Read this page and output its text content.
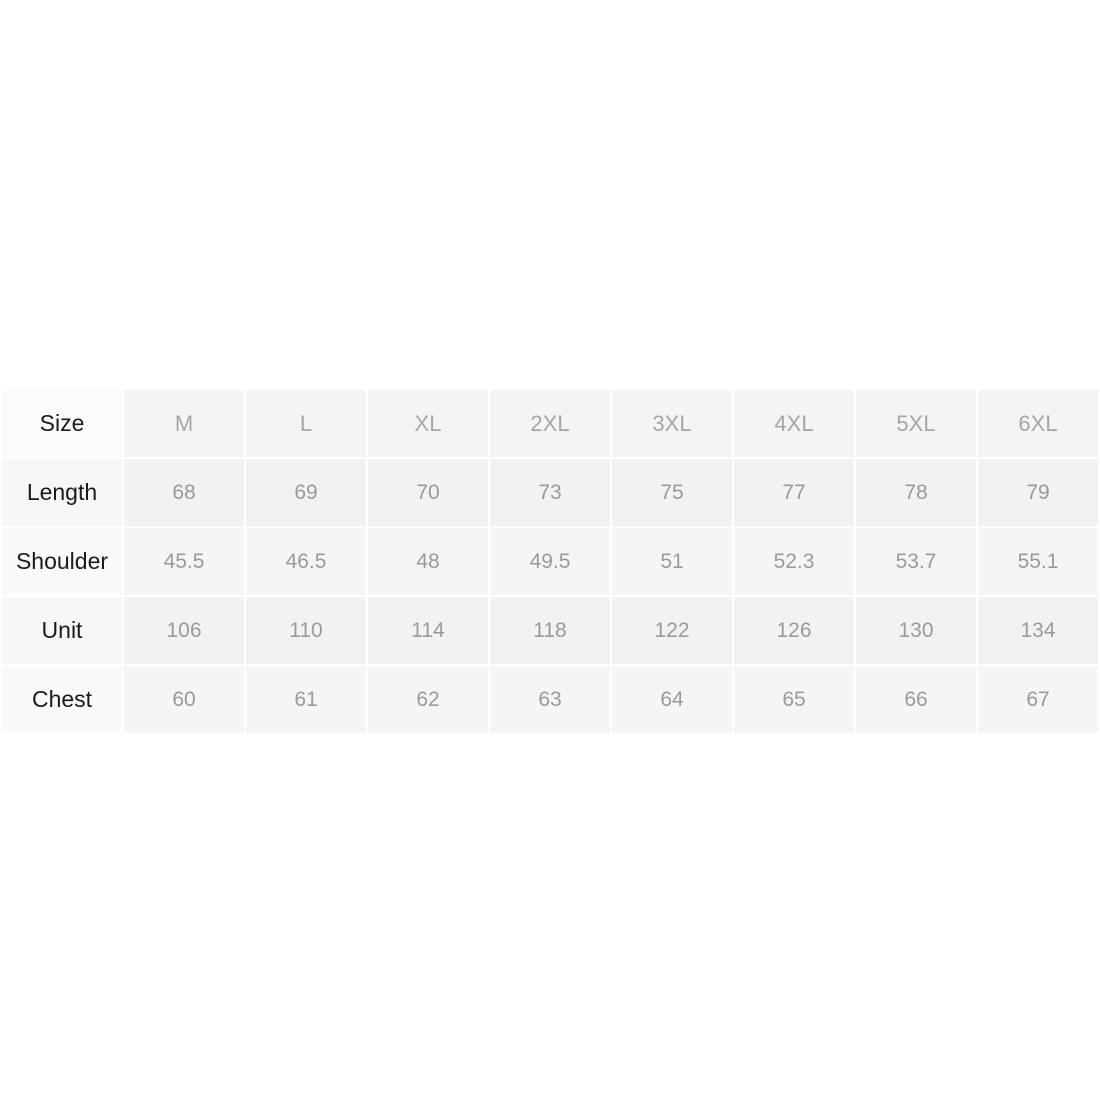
Size	M	L	XL	2XL	3XL	4XL	5XL	6XL
Length	68	69	70	73	75	77	78	79
Shoulder	45.5	46.5	48	49.5	51	52.3	53.7	55.1
Unit	106	110	114	118	122	126	130	134
Chest	60	61	62	63	64	65	66	67
